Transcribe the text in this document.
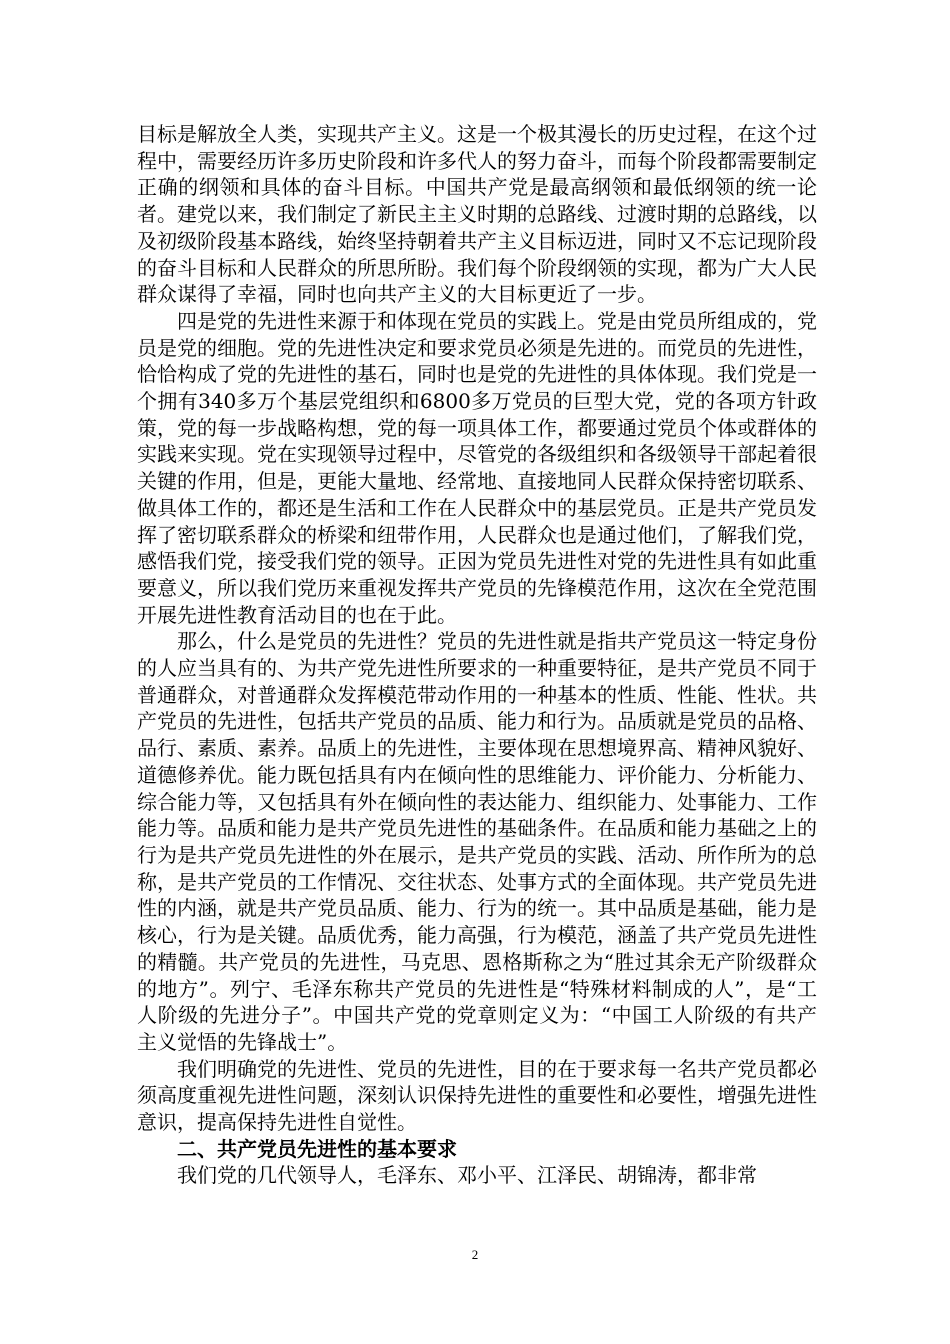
目标是解放全人类，实现共产主义。这是一个极其漫长的历史过程，在这个过程中，需要经历许多历史阶段和许多代人的努力奋斗，而每个阶段都需要制定正确的纲领和具体的奋斗目标。中国共产党是最高纲领和最低纲领的统一论者。建党以来，我们制定了新民主主义时期的总路线、过渡时期的总路线，以及初级阶段基本路线，始终坚持朝着共产主义目标迈进，同时又不忘记现阶段的奋斗目标和人民群众的所思所盼。我们每个阶段纲领的实现，都为广大人民群众谋得了幸福，同时也向共产主义的大目标更近了一步。

四是党的先进性来源于和体现在党员的实践上。党是由党员所组成的，党员是党的细胞。党的先进性决定和要求党员必须是先进的。而党员的先进性，恰恰构成了党的先进性的基石，同时也是党的先进性的具体体现。我们党是一个拥有340多万个基层党组织和6800多万党员的巨型大党，党的各项方针政策，党的每一步战略构想，党的每一项具体工作，都要通过党员个体或群体的实践来实现。党在实现领导过程中，尽管党的各级组织和各级领导干部起着很关键的作用，但是，更能大量地、经常地、直接地同人民群众保持密切联系、做具体工作的，都还是生活和工作在人民群众中的基层党员。正是共产党员发挥了密切联系群众的桥梁和纽带作用，人民群众也是通过他们，了解我们党，感悟我们党，接受我们党的领导。正因为党员先进性对党的先进性具有如此重要意义，所以我们党历来重视发挥共产党员的先锋模范作用，这次在全党范围开展先进性教育活动目的也在于此。

那么，什么是党员的先进性？党员的先进性就是指共产党员这一特定身份的人应当具有的、为共产党先进性所要求的一种重要特征，是共产党员不同于普通群众，对普通群众发挥模范带动作用的一种基本的性质、性能、性状。共产党员的先进性，包括共产党员的品质、能力和行为。品质就是党员的品格、品行、素质、素养。品质上的先进性，主要体现在思想境界高、精神风貌好、道德修养优。能力既包括具有内在倾向性的思维能力、评价能力、分析能力、综合能力等，又包括具有外在倾向性的表达能力、组织能力、处事能力、工作能力等。品质和能力是共产党员先进性的基础条件。在品质和能力基础之上的行为是共产党员先进性的外在展示，是共产党员的实践、活动、所作所为的总称，是共产党员的工作情况、交往状态、处事方式的全面体现。共产党员先进性的内涵，就是共产党员品质、能力、行为的统一。其中品质是基础，能力是核心，行为是关键。品质优秀，能力高强，行为模范，涵盖了共产党员先进性的精髓。共产党员的先进性，马克思、恩格斯称之为“胜过其余无产阶级群众的地方”。列宁、毛泽东称共产党员的先进性是“特殊材料制成的人”，是“工人阶级的先进分子”。中国共产党的党章则定义为：“中国工人阶级的有共产主义觉悟的先锋战士”。

我们明确党的先进性、党员的先进性，目的在于要求每一名共产党员都必须高度重视先进性问题，深刻认识保持先进性的重要性和必要性，增强先进性意识，提高保持先进性自觉性。

二、共产党员先进性的基本要求

我们党的几代领导人，毛泽东、邓小平、江泽民、胡锦涛，都非常

2
